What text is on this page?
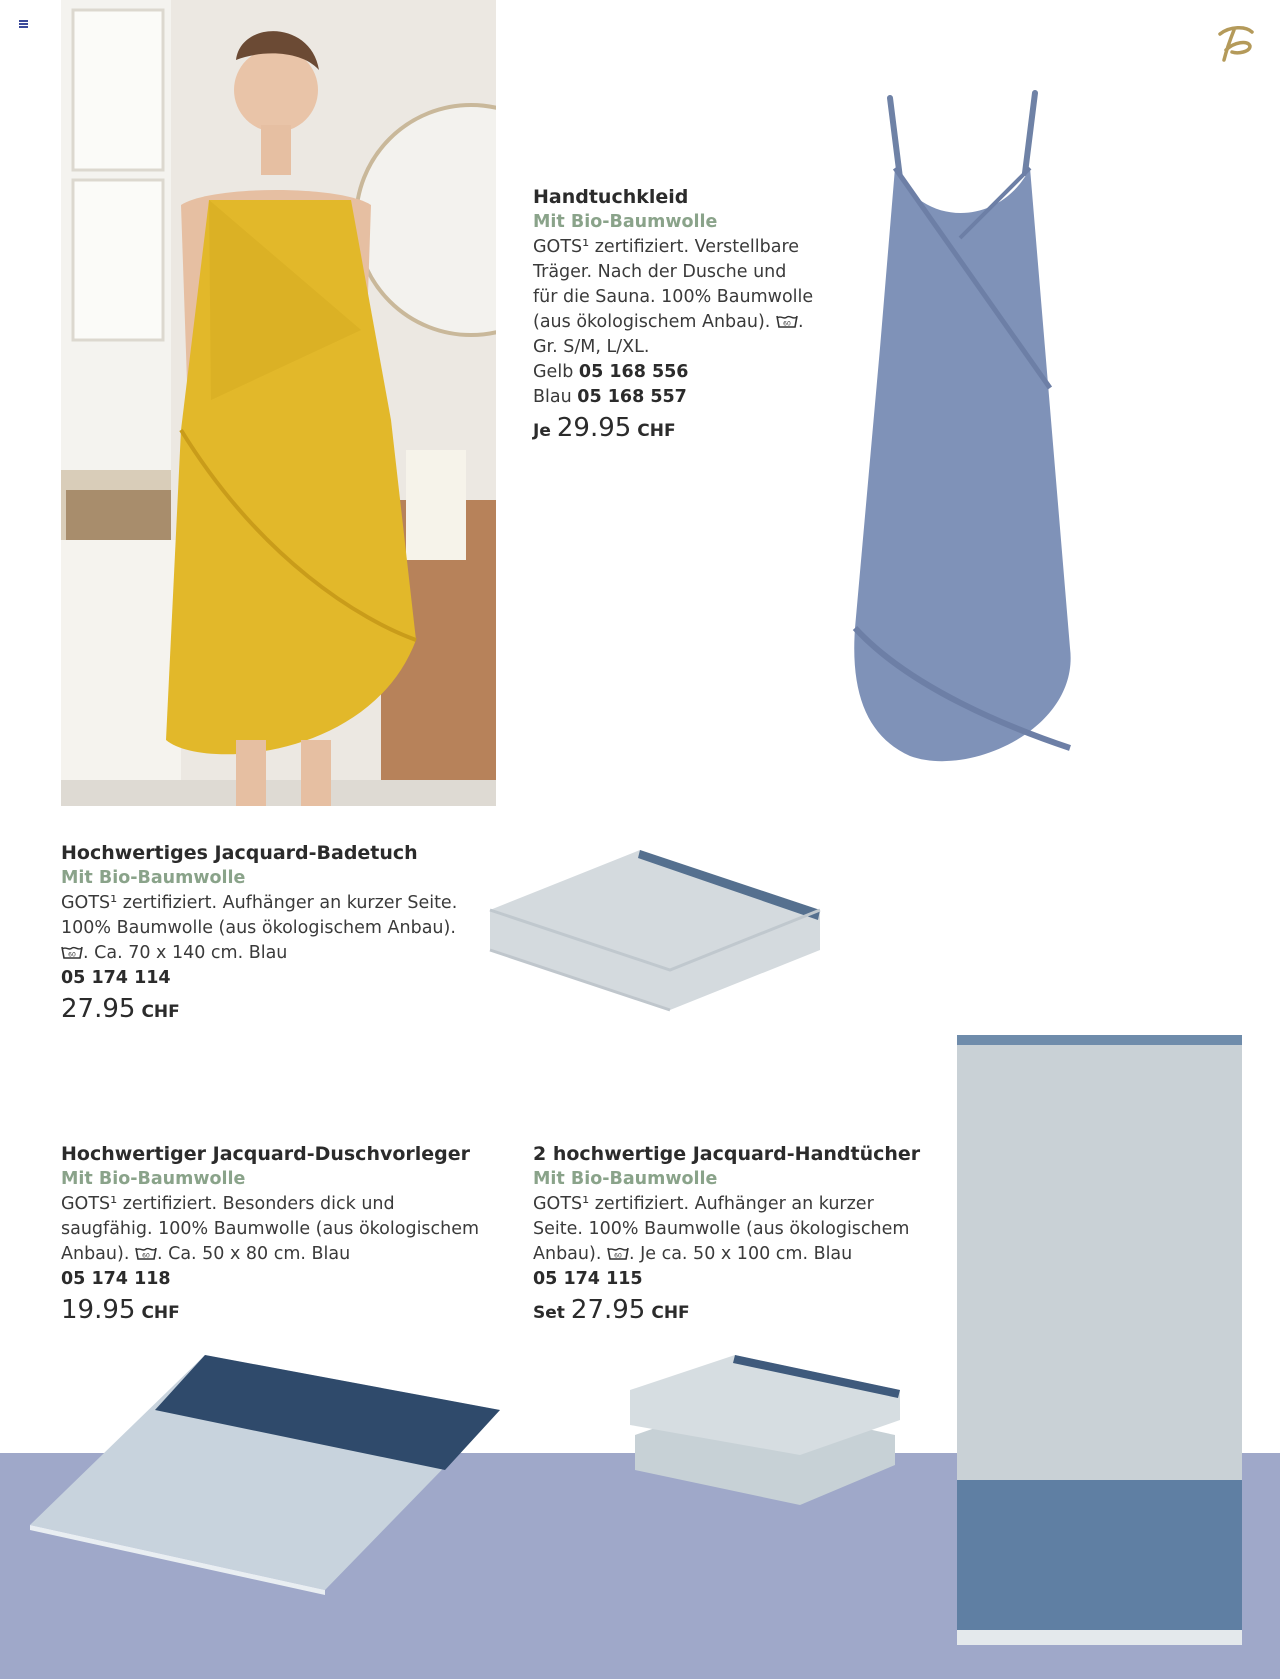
Handtuchkleid
Mit Bio-Baumwolle
GOTS¹ zertifiziert. Verstellbare
Träger. Nach der Dusche und
für die Sauna. 100% Baumwolle
(aus ökologischem Anbau). 60 .
Gr. S/M, L/XL.
Gelb 05 168 556
Blau 05 168 557
Je 29.95 CHF
Hochwertiges Jacquard-Badetuch
Mit Bio-Baumwolle
GOTS¹ zertifiziert. Aufhänger an kurzer Seite.
100% Baumwolle (aus ökologischem Anbau).

60 . Ca. 70 x 140 cm. Blau
05 174 114
27.95 CHF
Hochwertiger Jacquard-Duschvorleger
Mit Bio-Baumwolle
GOTS¹ zertifiziert. Besonders dick und
saugfähig. 100% Baumwolle (aus ökologischem
Anbau). 60 . Ca. 50 x 80 cm. Blau
05 174 118
19.95 CHF
2 hochwertige Jacquard-Handtücher
Mit Bio-Baumwolle
GOTS¹ zertifiziert. Aufhänger an kurzer
Seite. 100% Baumwolle (aus ökologischem
Anbau). 60 . Je ca. 50 x 100 cm. Blau
05 174 115
Set 27.95 CHF
